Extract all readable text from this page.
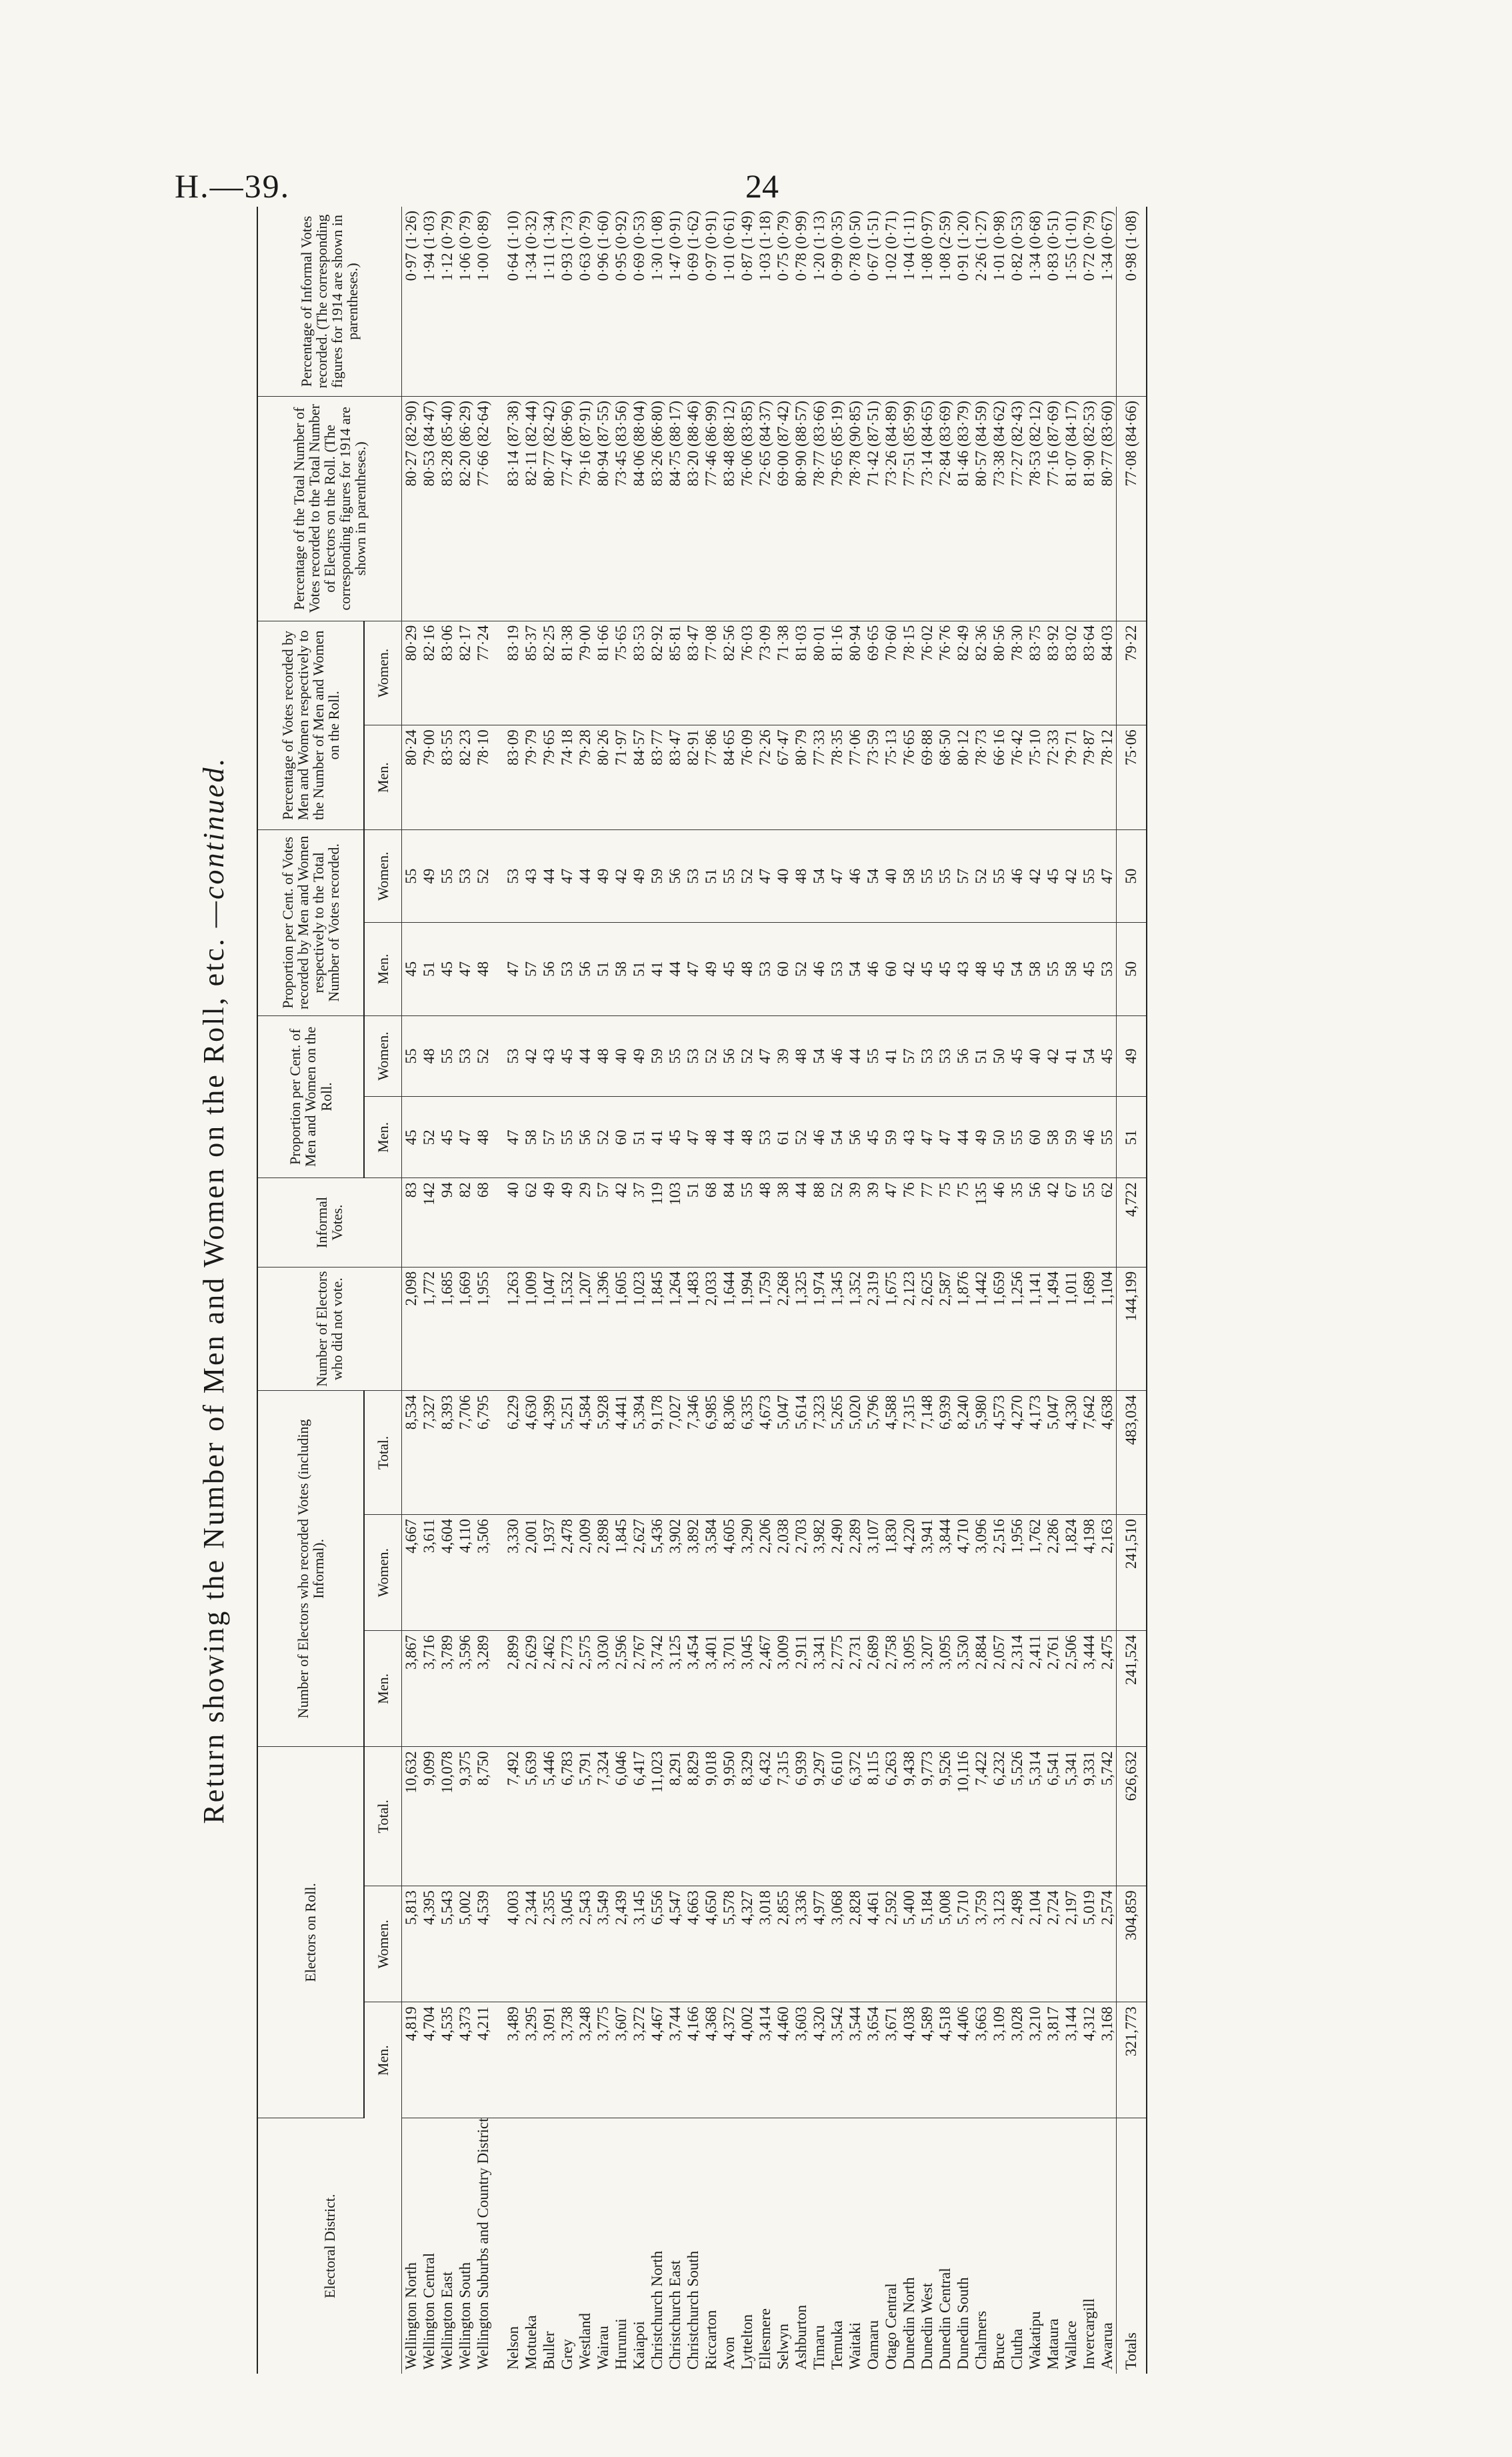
H.—39.	24
Return showing the Number of Men and Women on the Roll, etc.
—continued.
Electoral District.	Electors on Roll.			Number of Electors who recorded Votes (including Informal).			Number of Electors who did not vote.	Informal Votes.	Proportion per Cent. of Men and Women on the Roll.		Proportion per Cent. of Votes recorded by Men and Women respectively to the Total Number of Votes recorded.		Percentage of Votes recorded by Men and Women respectively to the Number of Men and Women on the Roll.		Percentage of the Total Number of Votes recorded to the Total Number of Electors on the Roll. (The corresponding figures for 1914 are shown in parentheses.)	Percentage of Informal Votes recorded. (The corresponding figures for 1914 are shown in parentheses.)
	Men.	Women.	Total.	Men.	Women.	Total.			Men.	Women.	Men.	Women.	Men.	Women.		
Wellington North	4,819	5,813	10,632	3,867	4,667	8,534	2,098	83	45	55	45	55	80·24	80·29	80·27 (82·90)	0·97 (1·26)
Wellington Central	4,704	4,395	9,099	3,716	3,611	7,327	1,772	142	52	48	51	49	79·00	82·16	80·53 (84·47)	1·94 (1·03)
Wellington East	4,535	5,543	10,078	3,789	4,604	8,393	1,685	94	45	55	45	55	83·55	83·06	83·28 (85·40)	1·12 (0·79)
Wellington South	4,373	5,002	9,375	3,596	4,110	7,706	1,669	82	47	53	47	53	82·23	82·17	82·20 (86·29)	1·06 (0·79)
Wellington Suburbs and Country District	4,211	4,539	8,750	3,289	3,506	6,795	1,955	68	48	52	48	52	78·10	77·24	77·66 (82·64)	1·00 (0·89)

Nelson	3,489	4,003	7,492	2,899	3,330	6,229	1,263	40	47	53	47	53	83·09	83·19	83·14 (87·38)	0·64 (1·10)
Motueka	3,295	2,344	5,639	2,629	2,001	4,630	1,009	62	58	42	57	43	79·79	85·37	82·11 (82·44)	1·34 (0·32)
Buller	3,091	2,355	5,446	2,462	1,937	4,399	1,047	49	57	43	56	44	79·65	82·25	80·77 (82·42)	1·11 (1·34)
Grey	3,738	3,045	6,783	2,773	2,478	5,251	1,532	49	55	45	53	47	74·18	81·38	77·47 (86·96)	0·93 (1·73)
Westland	3,248	2,543	5,791	2,575	2,009	4,584	1,207	29	56	44	56	44	79·28	79·00	79·16 (87·91)	0·63 (0·79)
Wairau	3,775	3,549	7,324	3,030	2,898	5,928	1,396	57	52	48	51	49	80·26	81·66	80·94 (87·55)	0·96 (1·60)
Hurunui	3,607	2,439	6,046	2,596	1,845	4,441	1,605	42	60	40	58	42	71·97	75·65	73·45 (83·56)	0·95 (0·92)
Kaiapoi	3,272	3,145	6,417	2,767	2,627	5,394	1,023	37	51	49	51	49	84·57	83·53	84·06 (88·04)	0·69 (0·53)
Christchurch North	4,467	6,556	11,023	3,742	5,436	9,178	1,845	119	41	59	41	59	83·77	82·92	83·26 (86·80)	1·30 (1·08)
Christchurch East	3,744	4,547	8,291	3,125	3,902	7,027	1,264	103	45	55	44	56	83·47	85·81	84·75 (88·17)	1·47 (0·91)
Christchurch South	4,166	4,663	8,829	3,454	3,892	7,346	1,483	51	47	53	47	53	82·91	83·47	83·20 (88·46)	0·69 (1·62)
Riccarton	4,368	4,650	9,018	3,401	3,584	6,985	2,033	68	48	52	49	51	77·86	77·08	77·46 (86·99)	0·97 (0·91)
Avon	4,372	5,578	9,950	3,701	4,605	8,306	1,644	84	44	56	45	55	84·65	82·56	83·48 (88·12)	1·01 (0·61)
Lyttelton	4,002	4,327	8,329	3,045	3,290	6,335	1,994	55	48	52	48	52	76·09	76·03	76·06 (83·85)	0·87 (1·49)
Ellesmere	3,414	3,018	6,432	2,467	2,206	4,673	1,759	48	53	47	53	47	72·26	73·09	72·65 (84·37)	1·03 (1·18)
Selwyn	4,460	2,855	7,315	3,009	2,038	5,047	2,268	38	61	39	60	40	67·47	71·38	69·00 (87·42)	0·75 (0·79)
Ashburton	3,603	3,336	6,939	2,911	2,703	5,614	1,325	44	52	48	52	48	80·79	81·03	80·90 (88·57)	0·78 (0·99)
Timaru	4,320	4,977	9,297	3,341	3,982	7,323	1,974	88	46	54	46	54	77·33	80·01	78·77 (83·66)	1·20 (1·13)
Temuka	3,542	3,068	6,610	2,775	2,490	5,265	1,345	52	54	46	53	47	78·35	81·16	79·65 (85·19)	0·99 (0·35)
Waitaki	3,544	2,828	6,372	2,731	2,289	5,020	1,352	39	56	44	54	46	77·06	80·94	78·78 (90·85)	0·78 (0·50)
Oamaru	3,654	4,461	8,115	2,689	3,107	5,796	2,319	39	45	55	46	54	73·59	69·65	71·42 (87·51)	0·67 (1·51)
Otago Central	3,671	2,592	6,263	2,758	1,830	4,588	1,675	47	59	41	60	40	75·13	70·60	73·26 (84·89)	1·02 (0·71)
Dunedin North	4,038	5,400	9,438	3,095	4,220	7,315	2,123	76	43	57	42	58	76·65	78·15	77·51 (85·99)	1·04 (1·11)
Dunedin West	4,589	5,184	9,773	3,207	3,941	7,148	2,625	77	47	53	45	55	69·88	76·02	73·14 (84·65)	1·08 (0·97)
Dunedin Central	4,518	5,008	9,526	3,095	3,844	6,939	2,587	75	47	53	45	55	68·50	76·76	72·84 (83·69)	1·08 (2·59)
Dunedin South	4,406	5,710	10,116	3,530	4,710	8,240	1,876	75	44	56	43	57	80·12	82·49	81·46 (83·79)	0·91 (1·20)
Chalmers	3,663	3,759	7,422	2,884	3,096	5,980	1,442	135	49	51	48	52	78·73	82·36	80·57 (84·59)	2·26 (1·27)
Bruce	3,109	3,123	6,232	2,057	2,516	4,573	1,659	46	50	50	45	55	66·16	80·56	73·38 (84·62)	1·01 (0·98)
Clutha	3,028	2,498	5,526	2,314	1,956	4,270	1,256	35	55	45	54	46	76·42	78·30	77·27 (82·43)	0·82 (0·53)
Wakatipu	3,210	2,104	5,314	2,411	1,762	4,173	1,141	56	60	40	58	42	75·10	83·75	78·53 (82·12)	1·34 (0·68)
Mataura	3,817	2,724	6,541	2,761	2,286	5,047	1,494	42	58	42	55	45	72·33	83·92	77·16 (87·69)	0·83 (0·51)
Wallace	3,144	2,197	5,341	2,506	1,824	4,330	1,011	67	59	41	58	42	79·71	83·02	81·07 (84·17)	1·55 (1·01)
Invercargill	4,312	5,019	9,331	3,444	4,198	7,642	1,689	55	46	54	45	55	79·87	83·64	81·90 (82·53)	0·72 (0·79)
Awarua	3,168	2,574	5,742	2,475	2,163	4,638	1,104	62	55	45	53	47	78·12	84·03	80·77 (83·60)	1·34 (0·67)
Totals	321,773	304,859	626,632	241,524	241,510	483,034	144,199	4,722	51	49	50	50	75·06	79·22	77·08 (84·66)	0·98 (1·08)
